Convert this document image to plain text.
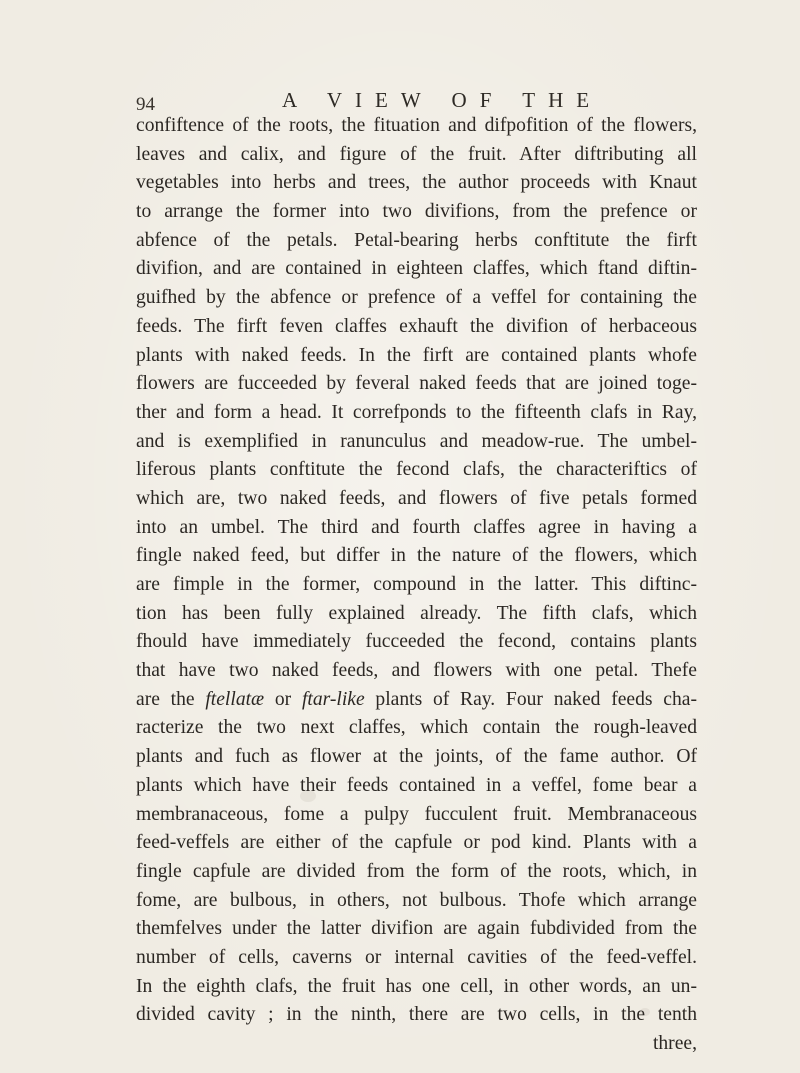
94	A VIEW OF THE
confiftence of the roots, the fituation and difpofition of the flowers,
leaves and calix, and figure of the fruit. After diftributing all
vegetables into herbs and trees, the author proceeds with Knaut
to arrange the former into two divifions, from the prefence or
abfence of the petals. Petal-bearing herbs conftitute the firft
divifion, and are contained in eighteen claffes, which ftand diftin-
guifhed by the abfence or prefence of a veffel for containing the
feeds. The firft feven claffes exhauft the divifion of herbaceous
plants with naked feeds. In the firft are contained plants whofe
flowers are fucceeded by feveral naked feeds that are joined toge-
ther and form a head. It correfponds to the fifteenth clafs in Ray,
and is exemplified in ranunculus and meadow-rue. The umbel-
liferous plants conftitute the fecond clafs, the characteriftics of
which are, two naked feeds, and flowers of five petals formed
into an umbel. The third and fourth claffes agree in having a
fingle naked feed, but differ in the nature of the flowers, which
are fimple in the former, compound in the latter. This diftinc-
tion has been fully explained already. The fifth clafs, which
fhould have immediately fucceeded the fecond, contains plants
that have two naked feeds, and flowers with one petal. Thefe
are the ftellatæ or ftar-like plants of Ray. Four naked feeds cha-
racterize the two next claffes, which contain the rough-leaved
plants and fuch as flower at the joints, of the fame author. Of
plants which have their feeds contained in a veffel, fome bear a
membranaceous, fome a pulpy fucculent fruit. Membranaceous
feed-veffels are either of the capfule or pod kind. Plants with a
fingle capfule are divided from the form of the roots, which, in
fome, are bulbous, in others, not bulbous. Thofe which arrange
themfelves under the latter divifion are again fubdivided from the
number of cells, caverns or internal cavities of the feed-veffel.
In the eighth clafs, the fruit has one cell, in other words, an un-
divided cavity ; in the ninth, there are two cells, in the tenth
three,
